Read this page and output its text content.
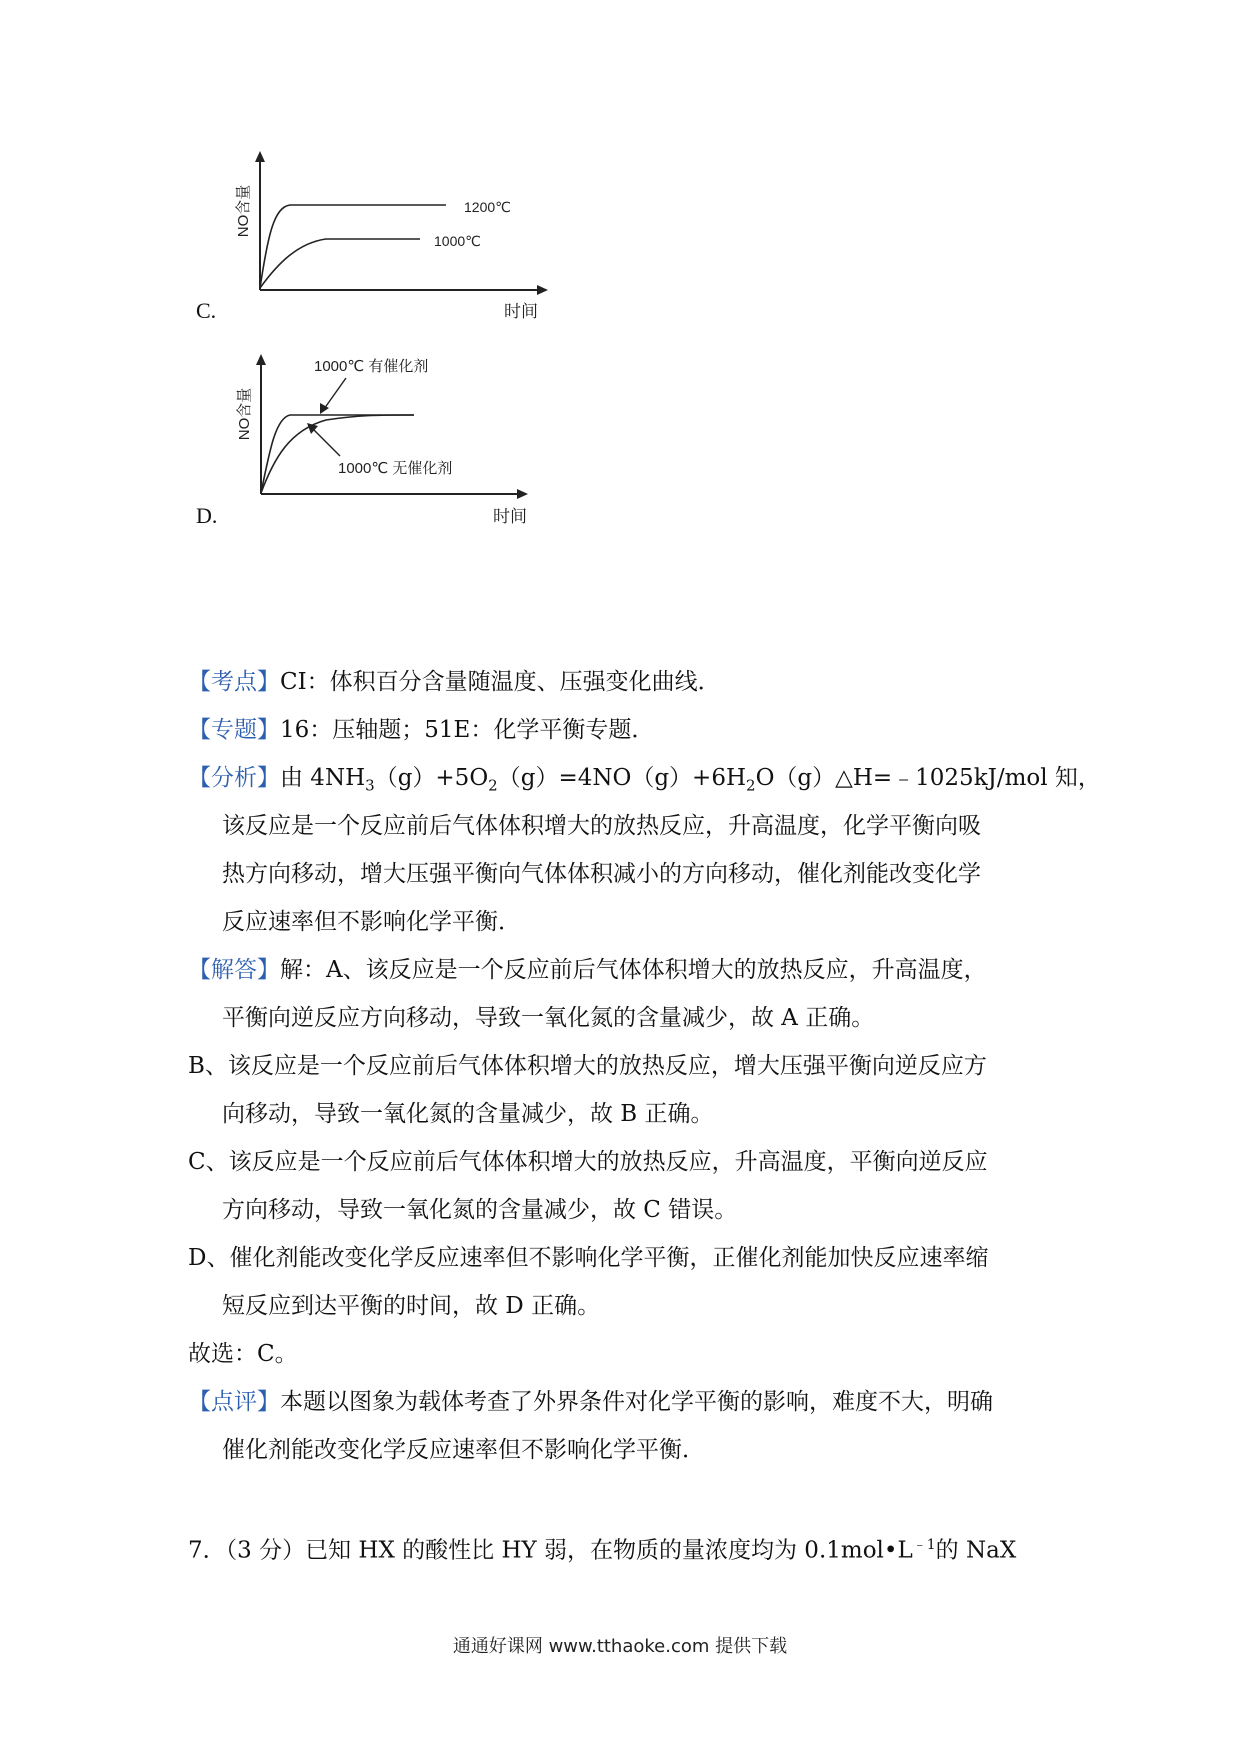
C.
NO含量
时间
1200℃
1000℃
D.
NO含量
时间
1000℃ 有催化剂
1000℃ 无催化剂
【考点】CI：体积百分含量随温度、压强变化曲线．
【专题】16：压轴题；51E：化学平衡专题．
【分析】由 $4NH_3(g)+5O_2(g)=4NO(g)+6H_2O(g)\triangle H=﹣1025kJ$/mol 知，
该反应是一个反应前后气体体积增大的放热反应，升高温度，化学平衡向吸
热方向移动，增大压强平衡向气体体积减小的方向移动，催化剂能改变化学
反应速率但不影响化学平衡．
【解答】解：A、该反应是一个反应前后气体体积增大的放热反应，升高温度，
平衡向逆反应方向移动，导致一氧化氮的含量减少，故 A 正确。
B、该反应是一个反应前后气体体积增大的放热反应，增大压强平衡向逆反应方
向移动，导致一氧化氮的含量减少，故 B 正确。
C、该反应是一个反应前后气体体积增大的放热反应，升高温度，平衡向逆反应
方向移动，导致一氧化氮的含量减少，故 C 错误。
D、催化剂能改变化学反应速率但不影响化学平衡，正催化剂能加快反应速率缩
短反应到达平衡的时间，故 D 正确。
故选：C。
【点评】本题以图象为载体考查了外界条件对化学平衡的影响，难度不大，明确
催化剂能改变化学反应速率但不影响化学平衡．
7．（3 分）已知 HX 的酸性比 HY 弱，在物质的量浓度均为 $0.1mol•L^{﹣1}$的 NaX
通通好课网 www.tthaoke.com 提供下载
